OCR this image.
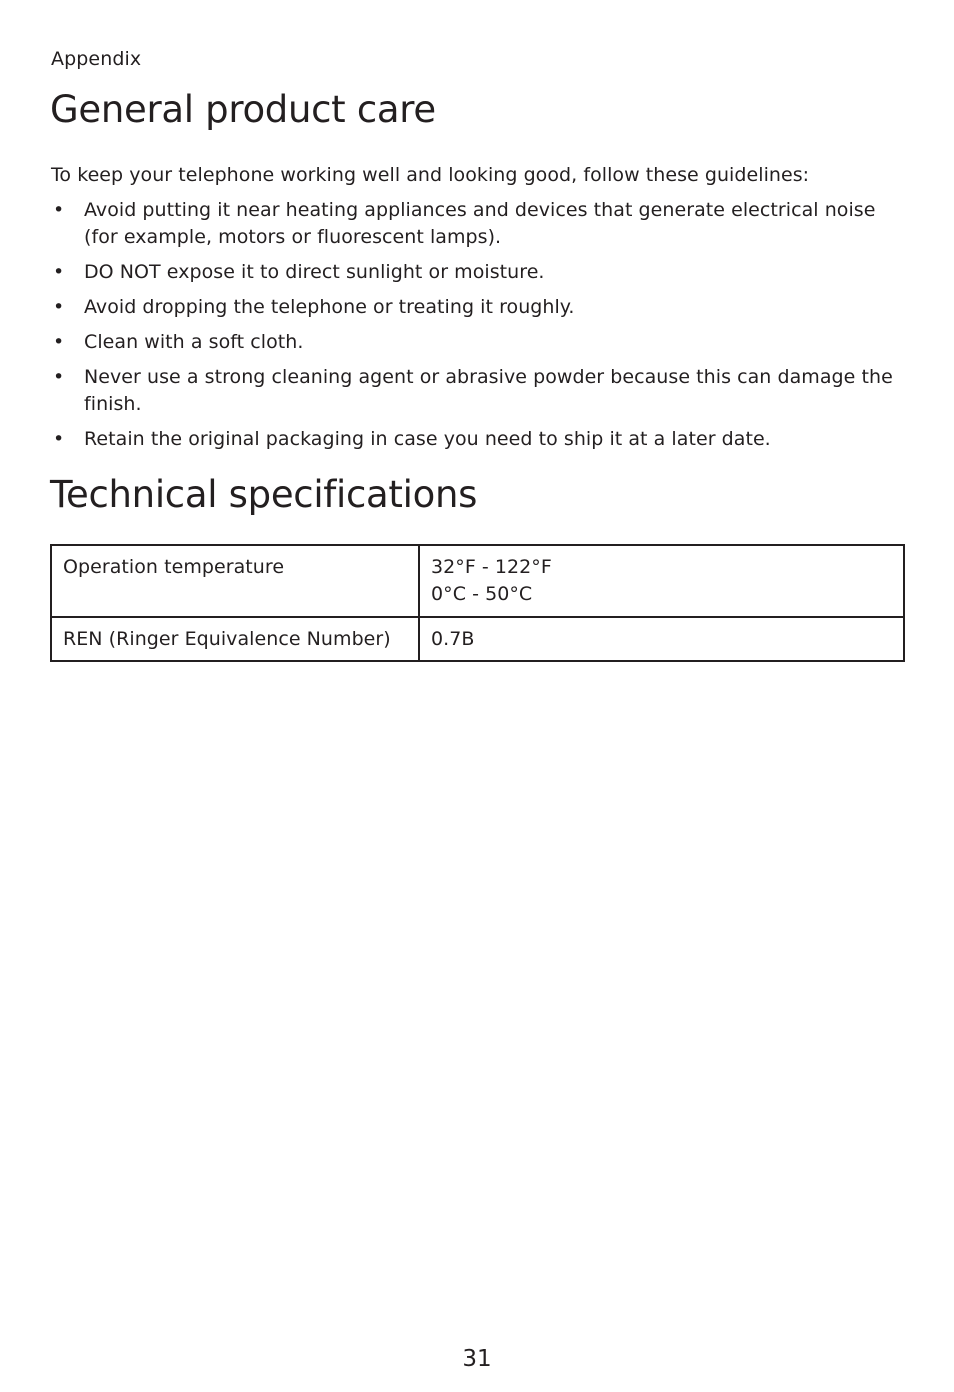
Appendix
General product care
To keep your telephone working well and looking good, follow these guidelines:
• Avoid putting it near heating appliances and devices that generate electrical noise (for example, motors or fluorescent lamps).
• DO NOT expose it to direct sunlight or moisture.
• Avoid dropping the telephone or treating it roughly.
• Clean with a soft cloth.
• Never use a strong cleaning agent or abrasive powder because this can damage the finish.
• Retain the original packaging in case you need to ship it at a later date.
Technical specifications
Operation temperature	32°F - 122°F
0°C - 50°C

REN (Ringer Equivalence Number)	0.7B
31
